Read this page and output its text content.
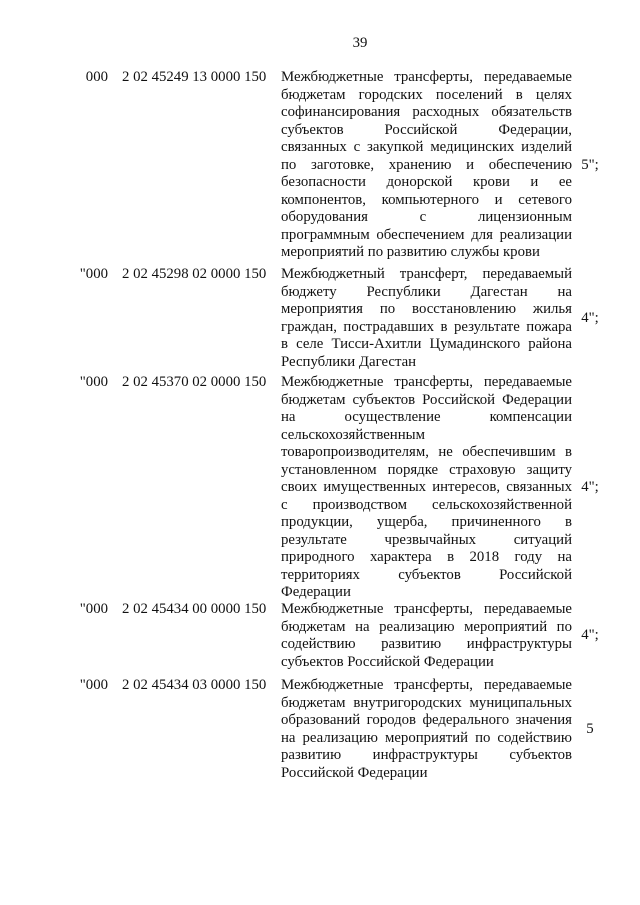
39
000 2 02 45249 13 0000 150 Межбюджетные трансферты, передаваемые
бюджетам городских поселений в целях
софинансирования расходных обязательств
субъектов Российской Федерации,
связанных с закупкой медицинских изделий
по заготовке, хранению и обеспечению
безопасности донорской крови и ее
компонентов, компьютерного и сетевого
оборудования с лицензионным
программным обеспечением для реализации
мероприятий по развитию службы крови
5";
"000 2 02 45298 02 0000 150 Межбюджетный трансферт, передаваемый
бюджету Республики Дагестан на
мероприятия по восстановлению жилья
граждан, пострадавших в результате пожара
в селе Тисси-Ахитли Цумадинского района
Республики Дагестан
4";
"000 2 02 45370 02 0000 150 Межбюджетные трансферты, передаваемые
бюджетам субъектов Российской Федерации
на осуществление компенсации
сельскохозяйственным
товаропроизводителям, не обеспечившим в
установленном порядке страховую защиту
своих имущественных интересов, связанных
с производством сельскохозяйственной
продукции, ущерба, причиненного в
результате чрезвычайных ситуаций
природного характера в 2018 году на
территориях субъектов Российской
Федерации
4";
"000 2 02 45434 00 0000 150 Межбюджетные трансферты, передаваемые
бюджетам на реализацию мероприятий по
содействию развитию инфраструктуры
субъектов Российской Федерации
4";
"000 2 02 45434 03 0000 150 Межбюджетные трансферты, передаваемые
бюджетам внутригородских муниципальных
образований городов федерального значения
на реализацию мероприятий по содействию
развитию инфраструктуры субъектов
Российской Федерации
5
